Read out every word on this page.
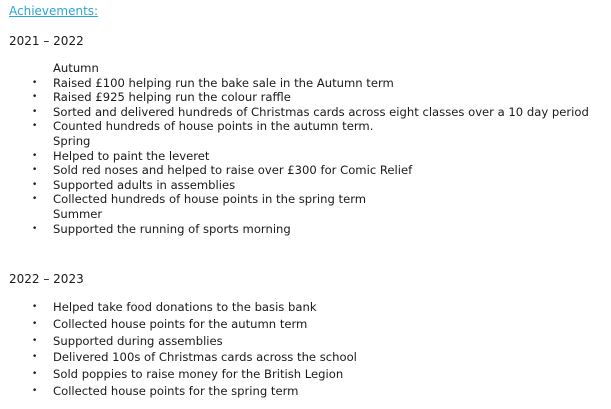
Achievements:
2021 – 2022
Autumn
• Raised £100 helping run the bake sale in the Autumn term
• Raised £925 helping run the colour raffle
• Sorted and delivered hundreds of Christmas cards across eight classes over a 10 day period
• Counted hundreds of house points in the autumn term.
Spring
• Helped to paint the leveret
• Sold red noses and helped to raise over £300 for Comic Relief
• Supported adults in assemblies
• Collected hundreds of house points in the spring term
Summer
• Supported the running of sports morning
2022 – 2023
• Helped take food donations to the basis bank
• Collected house points for the autumn term
• Supported during assemblies
• Delivered 100s of Christmas cards across the school
• Sold poppies to raise money for the British Legion
• Collected house points for the spring term
